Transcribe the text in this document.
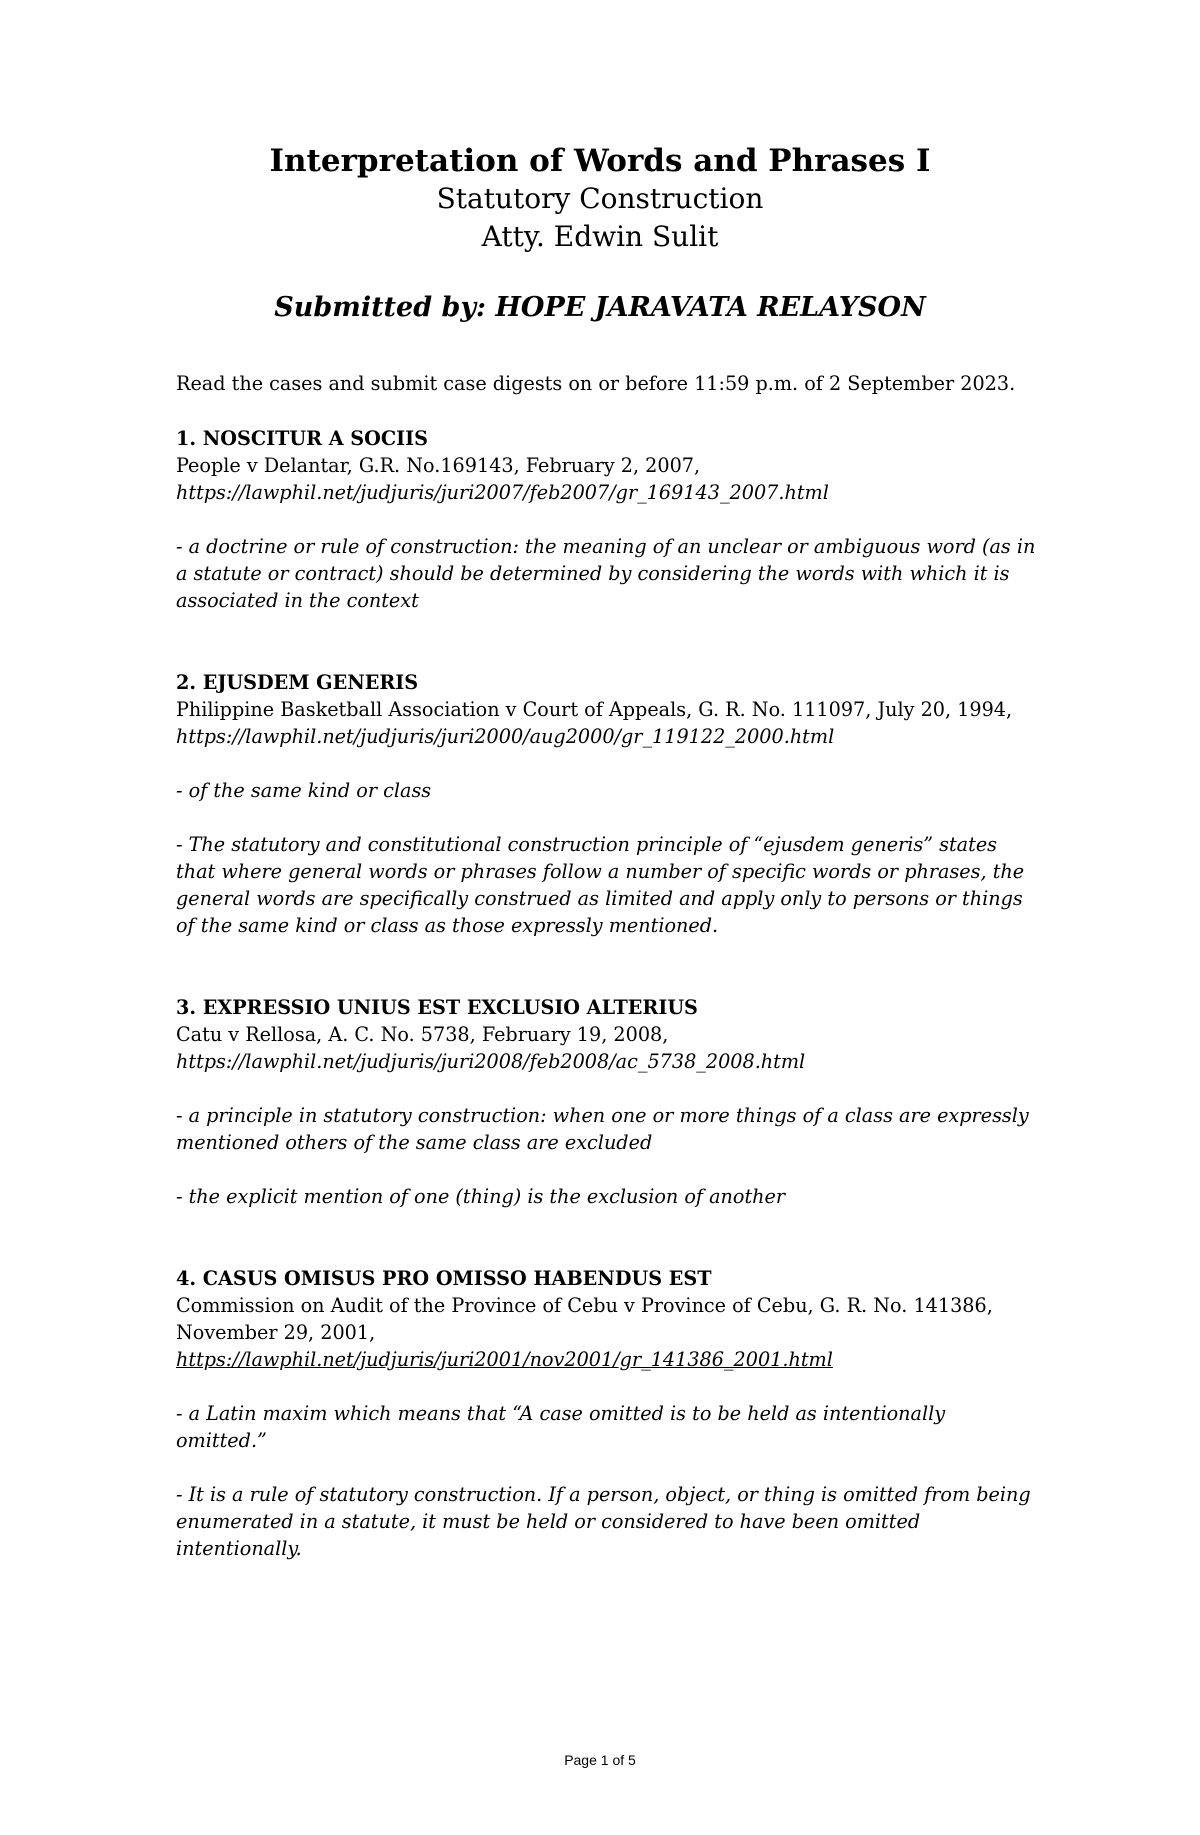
Interpretation of Words and Phrases I
Statutory Construction
Atty. Edwin Sulit
Submitted by: HOPE JARAVATA RELAYSON

Read the cases and submit case digests on or before 11:59 p.m. of 2 September 2023.

1. NOSCITUR A SOCIIS

People v Delantar, G.R. No.169143, February 2, 2007,

https://lawphil.net/judjuris/juri2007/feb2007/gr_169143_2007.html

- a doctrine or rule of construction: the meaning of an unclear or ambiguous word (as in a statute or contract) should be determined by considering the words with which it is associated in the context

2. EJUSDEM GENERIS

Philippine Basketball Association v Court of Appeals, G. R. No. 111097, July 20, 1994,

https://lawphil.net/judjuris/juri2000/aug2000/gr_119122_2000.html

- of the same kind or class

- The statutory and constitutional construction principle of “ejusdem generis” states that where general words or phrases follow a number of specific words or phrases, the general words are specifically construed as limited and apply only to persons or things of the same kind or class as those expressly mentioned.

3. EXPRESSIO UNIUS EST EXCLUSIO ALTERIUS

Catu v Rellosa, A. C. No. 5738, February 19, 2008,

https://lawphil.net/judjuris/juri2008/feb2008/ac_5738_2008.html

- a principle in statutory construction: when one or more things of a class are expressly mentioned others of the same class are excluded

- the explicit mention of one (thing) is the exclusion of another

4. CASUS OMISUS PRO OMISSO HABENDUS EST

Commission on Audit of the Province of Cebu v Province of Cebu, G. R. No. 141386, November 29, 2001,

https://lawphil.net/judjuris/juri2001/nov2001/gr_141386_2001.html

- a Latin maxim which means that “A case omitted is to be held as intentionally omitted.”

- It is a rule of statutory construction. If a person, object, or thing is omitted from being enumerated in a statute, it must be held or considered to have been omitted intentionally.

Page 1 of 5
